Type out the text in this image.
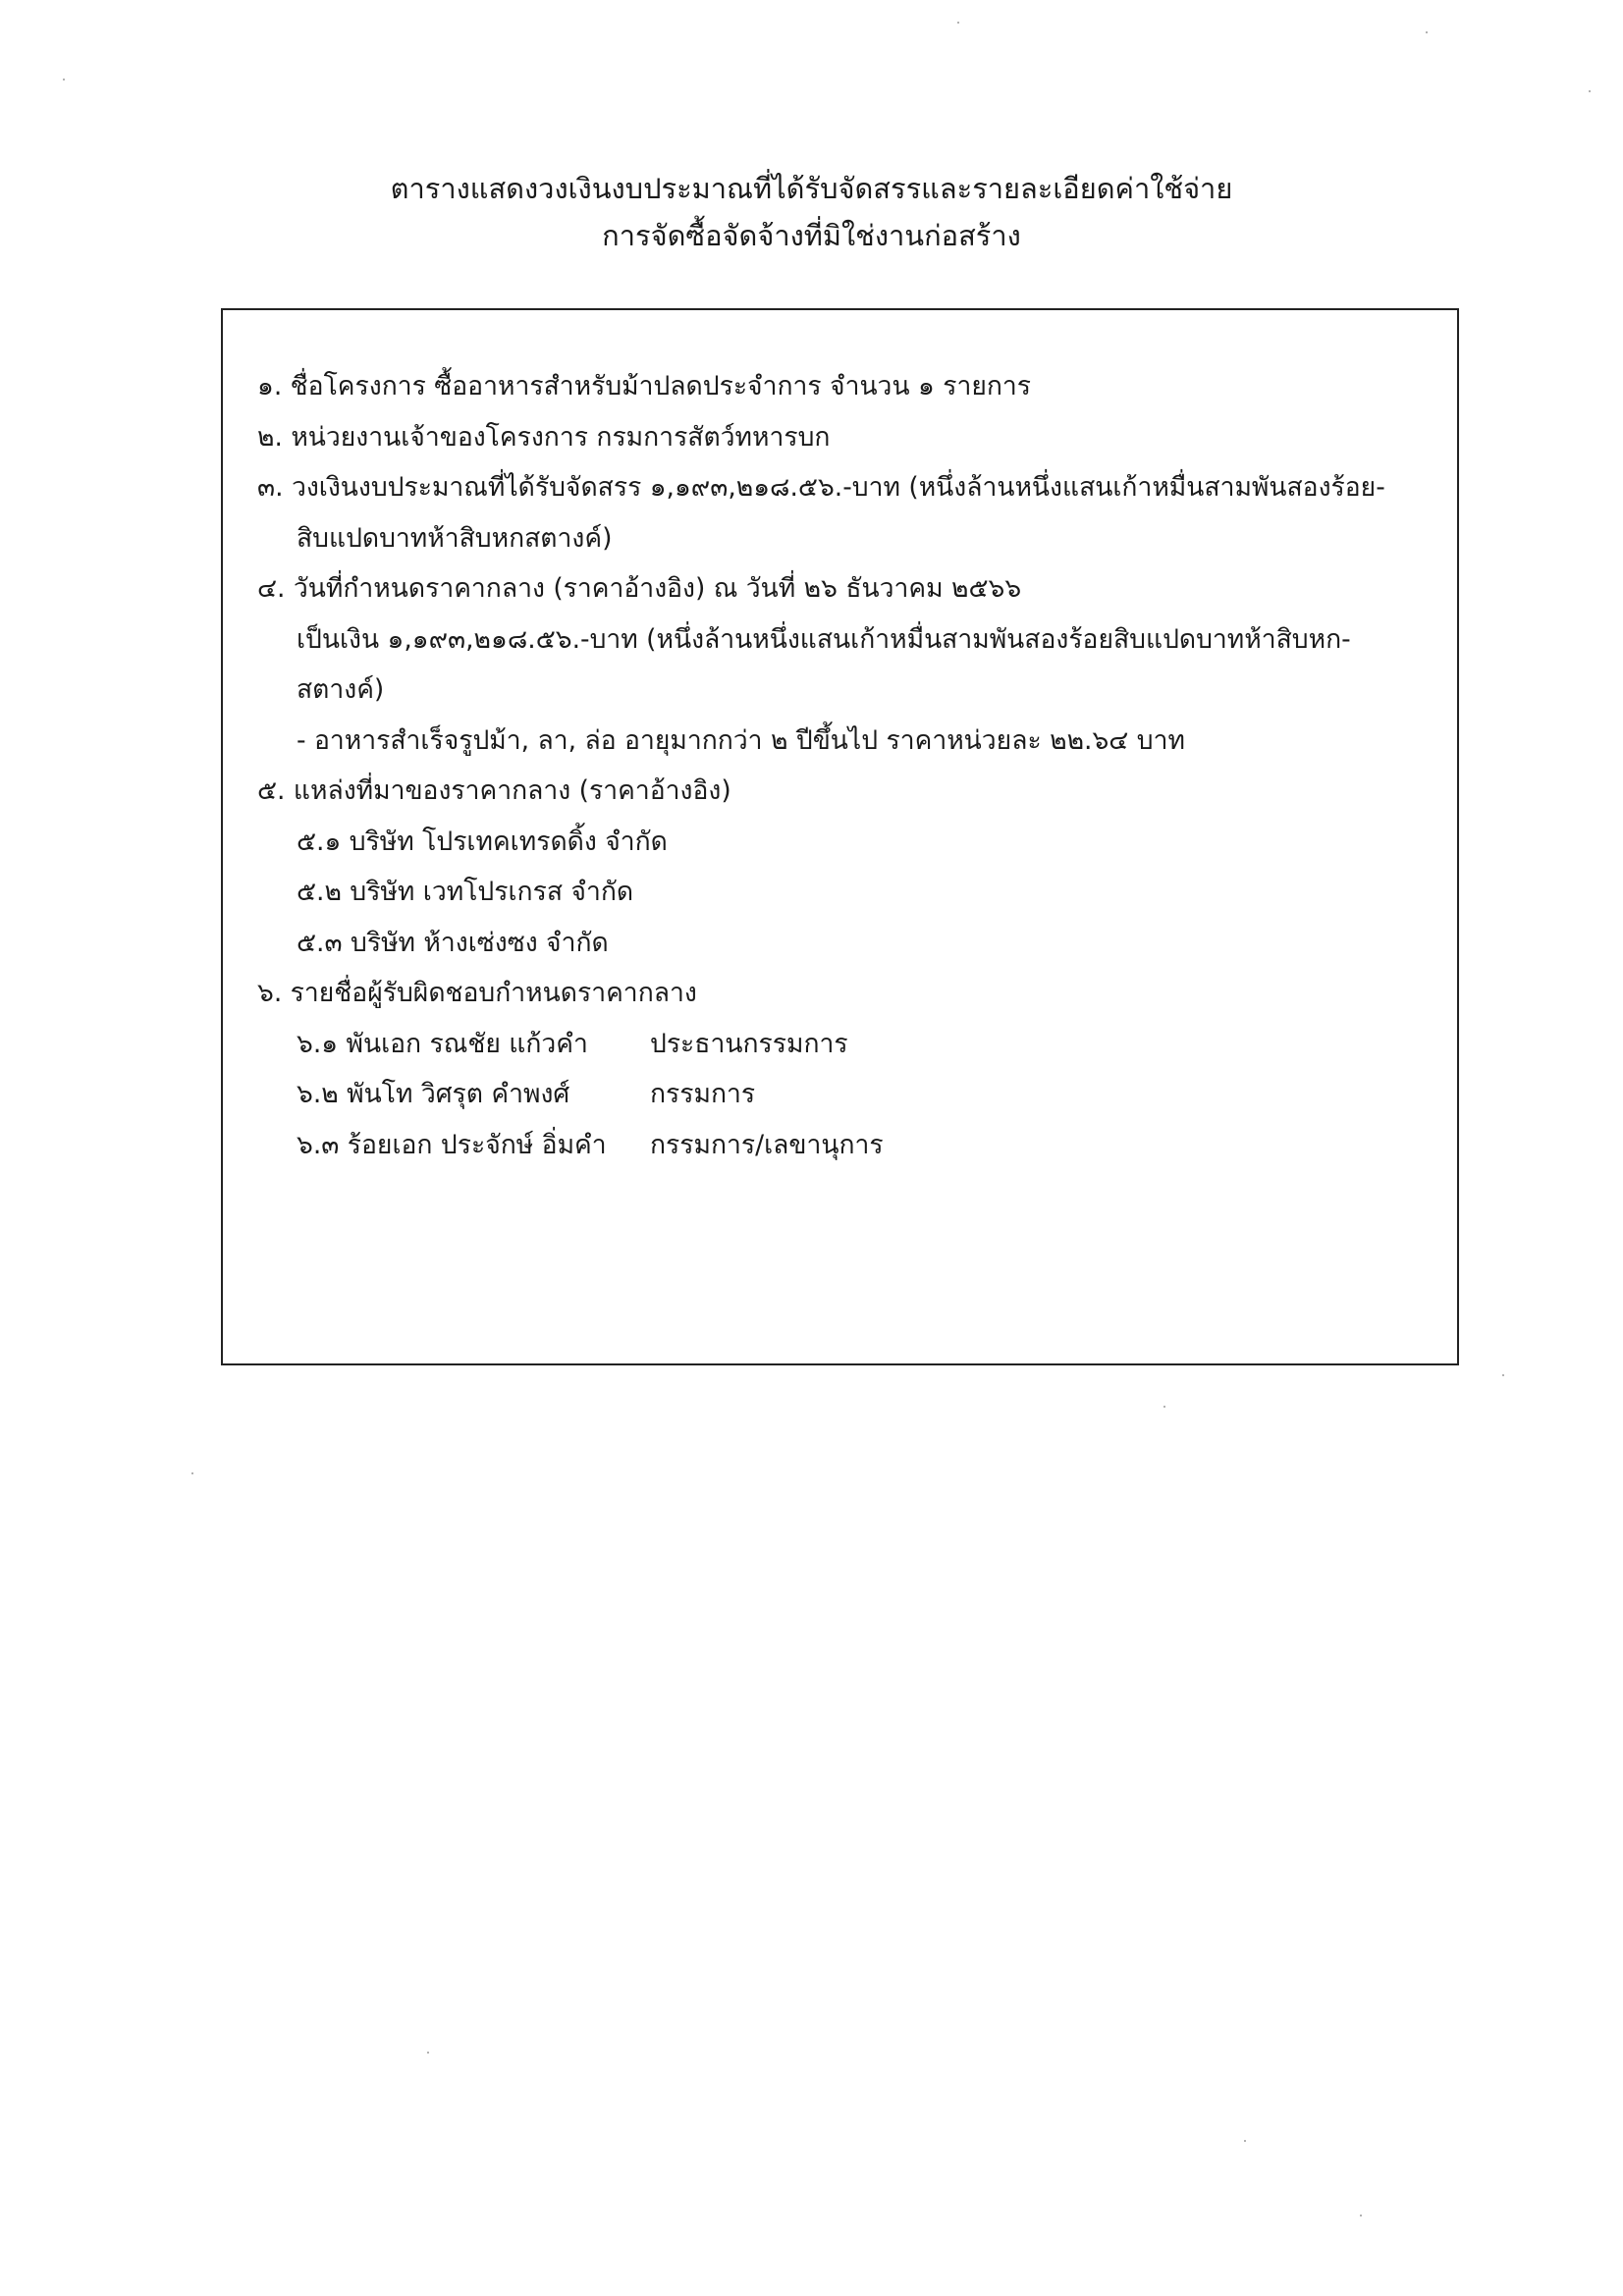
ตารางแสดงวงเงินงบประมาณที่ได้รับจัดสรรและรายละเอียดค่าใช้จ่าย
การจัดซื้อจัดจ้างที่มิใช่งานก่อสร้าง
๑. ชื่อโครงการ ซื้ออาหารสำหรับม้าปลดประจำการ จำนวน ๑ รายการ
๒. หน่วยงานเจ้าของโครงการ กรมการสัตว์ทหารบก
๓. วงเงินงบประมาณที่ได้รับจัดสรร ๑,๑๙๓,๒๑๘.๕๖.-บาท (หนึ่งล้านหนึ่งแสนเก้าหมื่นสามพันสองร้อย-
สิบแปดบาทห้าสิบหกสตางค์)
๔. วันที่กำหนดราคากลาง (ราคาอ้างอิง) ณ วันที่ ๒๖ ธันวาคม ๒๕๖๖
เป็นเงิน ๑,๑๙๓,๒๑๘.๕๖.-บาท (หนึ่งล้านหนึ่งแสนเก้าหมื่นสามพันสองร้อยสิบแปดบาทห้าสิบหก-
สตางค์)
- อาหารสำเร็จรูปม้า, ลา, ล่อ อายุมากกว่า ๒ ปีขึ้นไป ราคาหน่วยละ ๒๒.๖๔ บาท
๕. แหล่งที่มาของราคากลาง (ราคาอ้างอิง)
๕.๑ บริษัท โปรเทคเทรดดิ้ง จำกัด
๕.๒ บริษัท เวทโปรเกรส จำกัด
๕.๓ บริษัท ห้างเซ่งซง จำกัด
๖. รายชื่อผู้รับผิดชอบกำหนดราคากลาง
๖.๑ พันเอก รณชัย แก้วคำ ประธานกรรมการ
๖.๒ พันโท วิศรุต คำพงศ์	กรรมการ
๖.๓ ร้อยเอก ประจักษ์ อิ่มคำ กรรมการ/เลขานุการ
